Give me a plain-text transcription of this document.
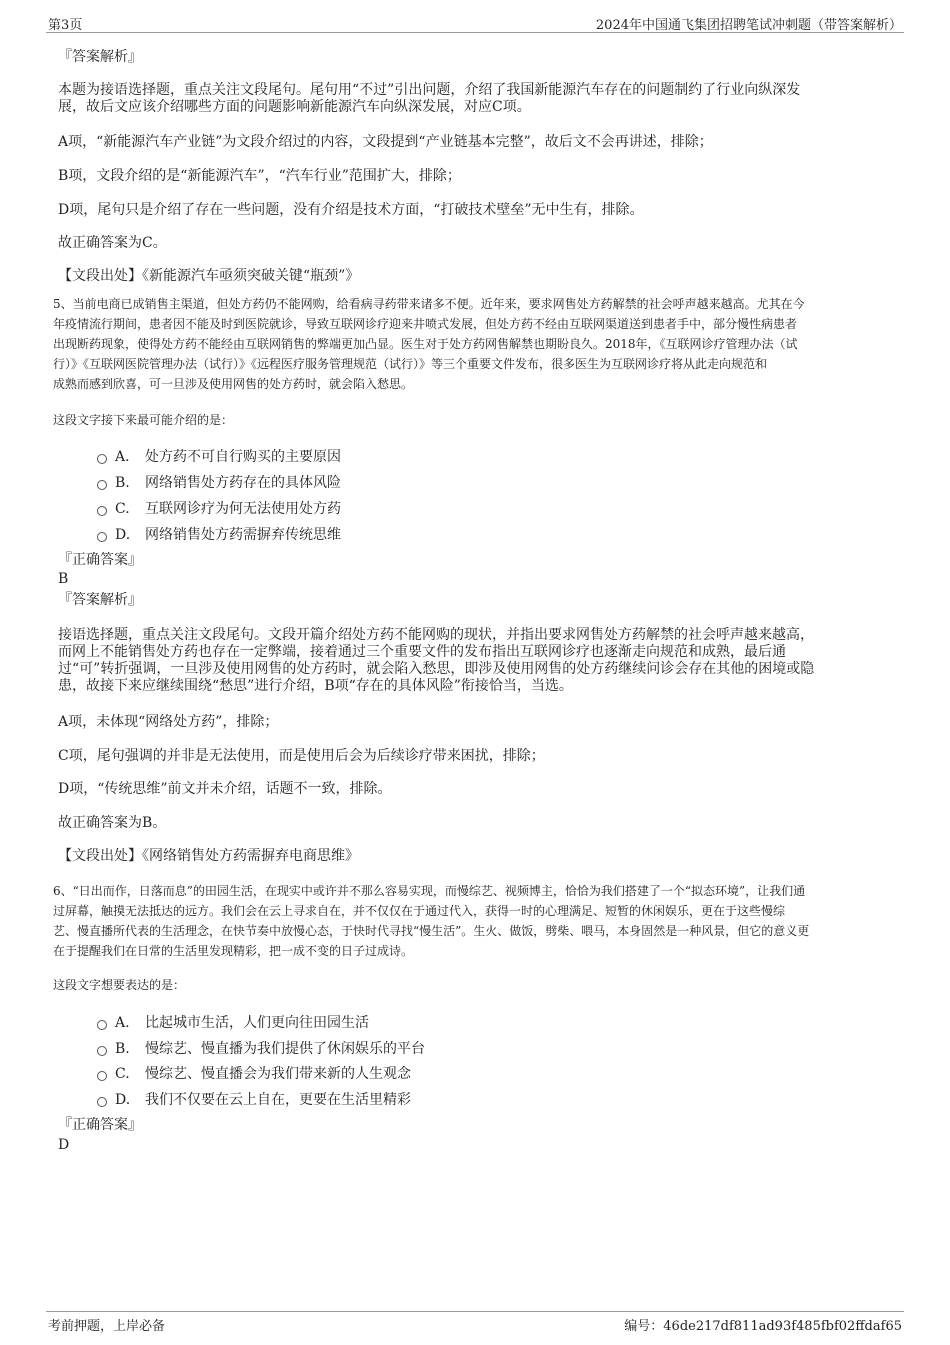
第3页	2024年中国通飞集团招聘笔试冲刺题（带答案解析）
『答案解析』
本题为接语选择题，重点关注文段尾句。尾句用“不过”引出问题，介绍了我国新能源汽车存在的问题制约了行业向纵深发
展，故后文应该介绍哪些方面的问题影响新能源汽车向纵深发展，对应C项。
A项，“新能源汽车产业链”为文段介绍过的内容，文段提到“产业链基本完整”，故后文不会再讲述，排除；
B项，文段介绍的是“新能源汽车”，“汽车行业”范围扩大，排除；
D项，尾句只是介绍了存在一些问题，没有介绍是技术方面，“打破技术壁垒”无中生有，排除。
故正确答案为C。
【文段出处】《新能源汽车亟须突破关键“瓶颈”》
5、当前电商已成销售主渠道，但处方药仍不能网购，给看病寻药带来诸多不便。近年来，要求网售处方药解禁的社会呼声越来越高。尤其在今
年疫情流行期间，患者因不能及时到医院就诊，导致互联网诊疗迎来井喷式发展，但处方药不经由互联网渠道送到患者手中，部分慢性病患者
出现断药现象，使得处方药不能经由互联网销售的弊端更加凸显。医生对于处方药网售解禁也期盼良久。2018年，《互联网诊疗管理办法（试
行）》《互联网医院管理办法（试行）》《远程医疗服务管理规范（试行）》等三个重要文件发布，很多医生为互联网诊疗将从此走向规范和
成熟而感到欣喜，可一旦涉及使用网售的处方药时，就会陷入愁思。
这段文字接下来最可能介绍的是：
A. 处方药不可自行购买的主要原因
B. 网络销售处方药存在的具体风险
C. 互联网诊疗为何无法使用处方药
D. 网络销售处方药需摒弃传统思维
『正确答案』
B
『答案解析』
接语选择题，重点关注文段尾句。文段开篇介绍处方药不能网购的现状，并指出要求网售处方药解禁的社会呼声越来越高，
而网上不能销售处方药也存在一定弊端，接着通过三个重要文件的发布指出互联网诊疗也逐渐走向规范和成熟，最后通
过“可”转折强调，一旦涉及使用网售的处方药时，就会陷入愁思，即涉及使用网售的处方药继续问诊会存在其他的困境或隐
患，故接下来应继续围绕“愁思”进行介绍，B项“存在的具体风险”衔接恰当，当选。
A项，未体现“网络处方药”，排除；
C项，尾句强调的并非是无法使用，而是使用后会为后续诊疗带来困扰，排除；
D项，“传统思维”前文并未介绍，话题不一致，排除。
故正确答案为B。
【文段出处】《网络销售处方药需摒弃电商思维》
6、“日出而作，日落而息”的田园生活，在现实中或许并不那么容易实现，而慢综艺、视频博主，恰恰为我们搭建了一个“拟态环境”，让我们通
过屏幕，触摸无法抵达的远方。我们会在云上寻求自在，并不仅仅在于通过代入，获得一时的心理满足、短暂的休闲娱乐，更在于这些慢综
艺、慢直播所代表的生活理念，在快节奏中放慢心态，于快时代寻找“慢生活”。生火、做饭，劈柴、喂马，本身固然是一种风景，但它的意义更
在于提醒我们在日常的生活里发现精彩，把一成不变的日子过成诗。
这段文字想要表达的是：
A. 比起城市生活，人们更向往田园生活
B. 慢综艺、慢直播为我们提供了休闲娱乐的平台
C. 慢综艺、慢直播会为我们带来新的人生观念
D. 我们不仅要在云上自在，更要在生活里精彩
『正确答案』
D
考前押题，上岸必备	编号：46de217df811ad93f485fbf02ffdaf65
